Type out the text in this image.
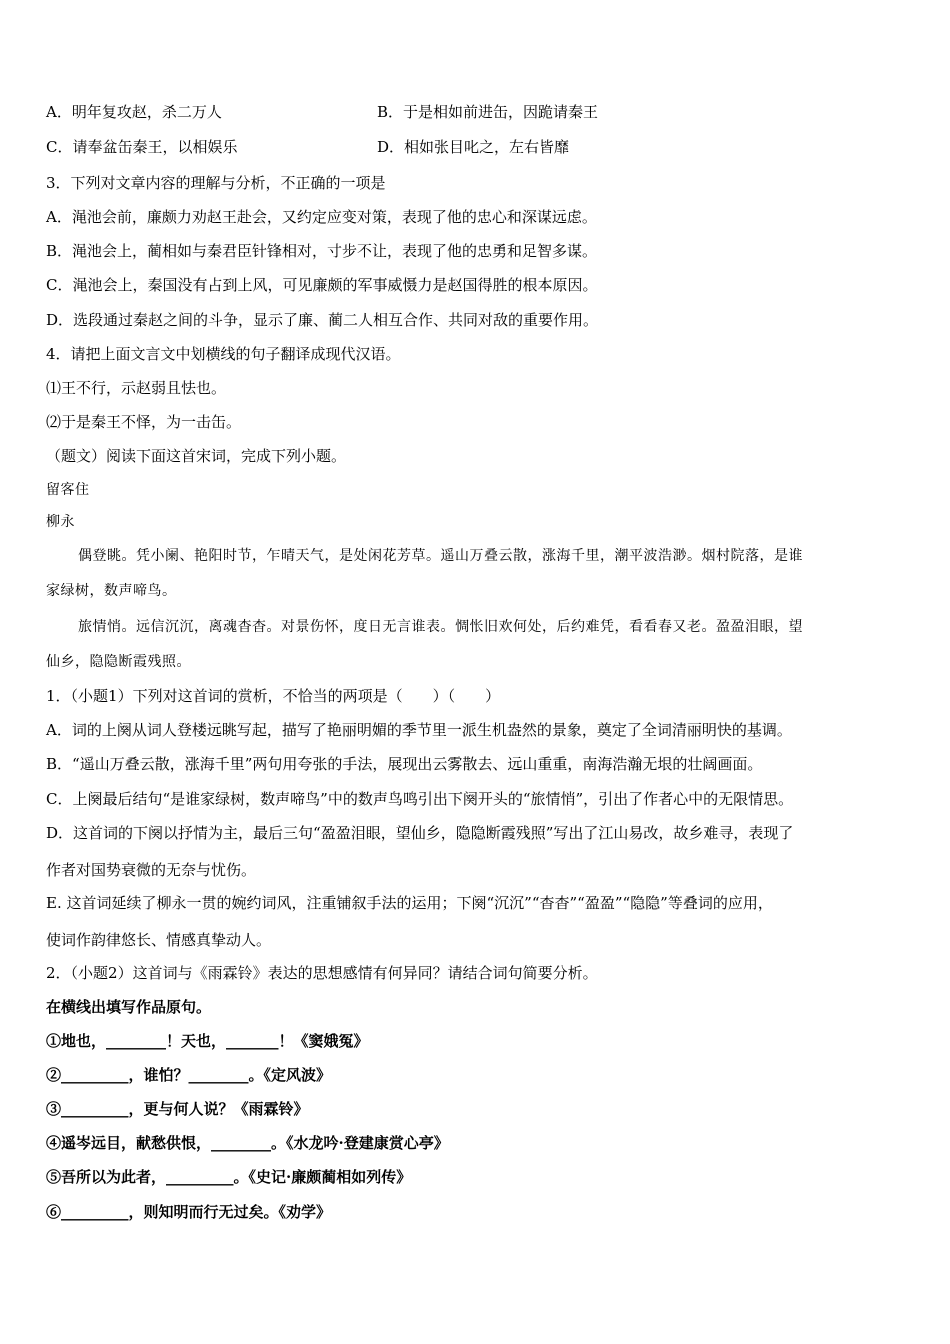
A．明年复攻赵，杀二万人	B．于是相如前进缶，因跪请秦王
C．请奉盆缶秦王，以相娱乐	D．相如张目叱之，左右皆靡
3．下列对文章内容的理解与分析，不正确的一项是
A．渑池会前，廉颇力劝赵王赴会，又约定应变对策，表现了他的忠心和深谋远虑。
B．渑池会上，蔺相如与秦君臣针锋相对，寸步不让，表现了他的忠勇和足智多谋。
C．渑池会上，秦国没有占到上风，可见廉颇的军事威慑力是赵国得胜的根本原因。
D．选段通过秦赵之间的斗争，显示了廉、蔺二人相互合作、共同对敌的重要作用。
4．请把上面文言文中划横线的句子翻译成现代汉语。
⑴王不行，示赵弱且怯也。
⑵于是秦王不怿，为一击缶。
（题文）阅读下面这首宋词，完成下列小题。
留客住
柳永
偶登眺。凭小阑、艳阳时节，乍晴天气，是处闲花芳草。遥山万叠云散，涨海千里，潮平波浩渺。烟村院落，是谁
家绿树，数声啼鸟。
旅情悄。远信沉沉，离魂杳杳。对景伤怀，度日无言谁表。惆怅旧欢何处，后约难凭，看看春又老。盈盈泪眼，望
仙乡，隐隐断霞残照。
1．（小题1）下列对这首词的赏析，不恰当的两项是（　　）（　　）
A．词的上阕从词人登楼远眺写起，描写了艳丽明媚的季节里一派生机盎然的景象，奠定了全词清丽明快的基调。
B．“遥山万叠云散，涨海千里”两句用夸张的手法，展现出云雾散去、远山重重，南海浩瀚无垠的壮阔画面。
C．上阕最后结句“是谁家绿树，数声啼鸟”中的数声鸟鸣引出下阕开头的“旅情悄”，引出了作者心中的无限情思。
D．这首词的下阕以抒情为主，最后三句“盈盈泪眼，望仙乡，隐隐断霞残照”写出了江山易改，故乡难寻，表现了
作者对国势衰微的无奈与忧伤。
E. 这首词延续了柳永一贯的婉约词风，注重铺叙手法的运用；下阕“沉沉”“杳杳”“盈盈”“隐隐”等叠词的应用，
使词作韵律悠长、情感真挚动人。
2．（小题2）这首词与《雨霖铃》表达的思想感情有何异同？请结合词句简要分析。
在横线出填写作品原句。
①地也，________！天也，_______！《窦娥冤》
②_________，谁怕？________。《定风波》
③_________，更与何人说？《雨霖铃》
④遥岑远目，献愁供恨，________。《水龙吟·登建康赏心亭》
⑤吾所以为此者，_________。《史记·廉颇蔺相如列传》
⑥_________，则知明而行无过矣。《劝学》
